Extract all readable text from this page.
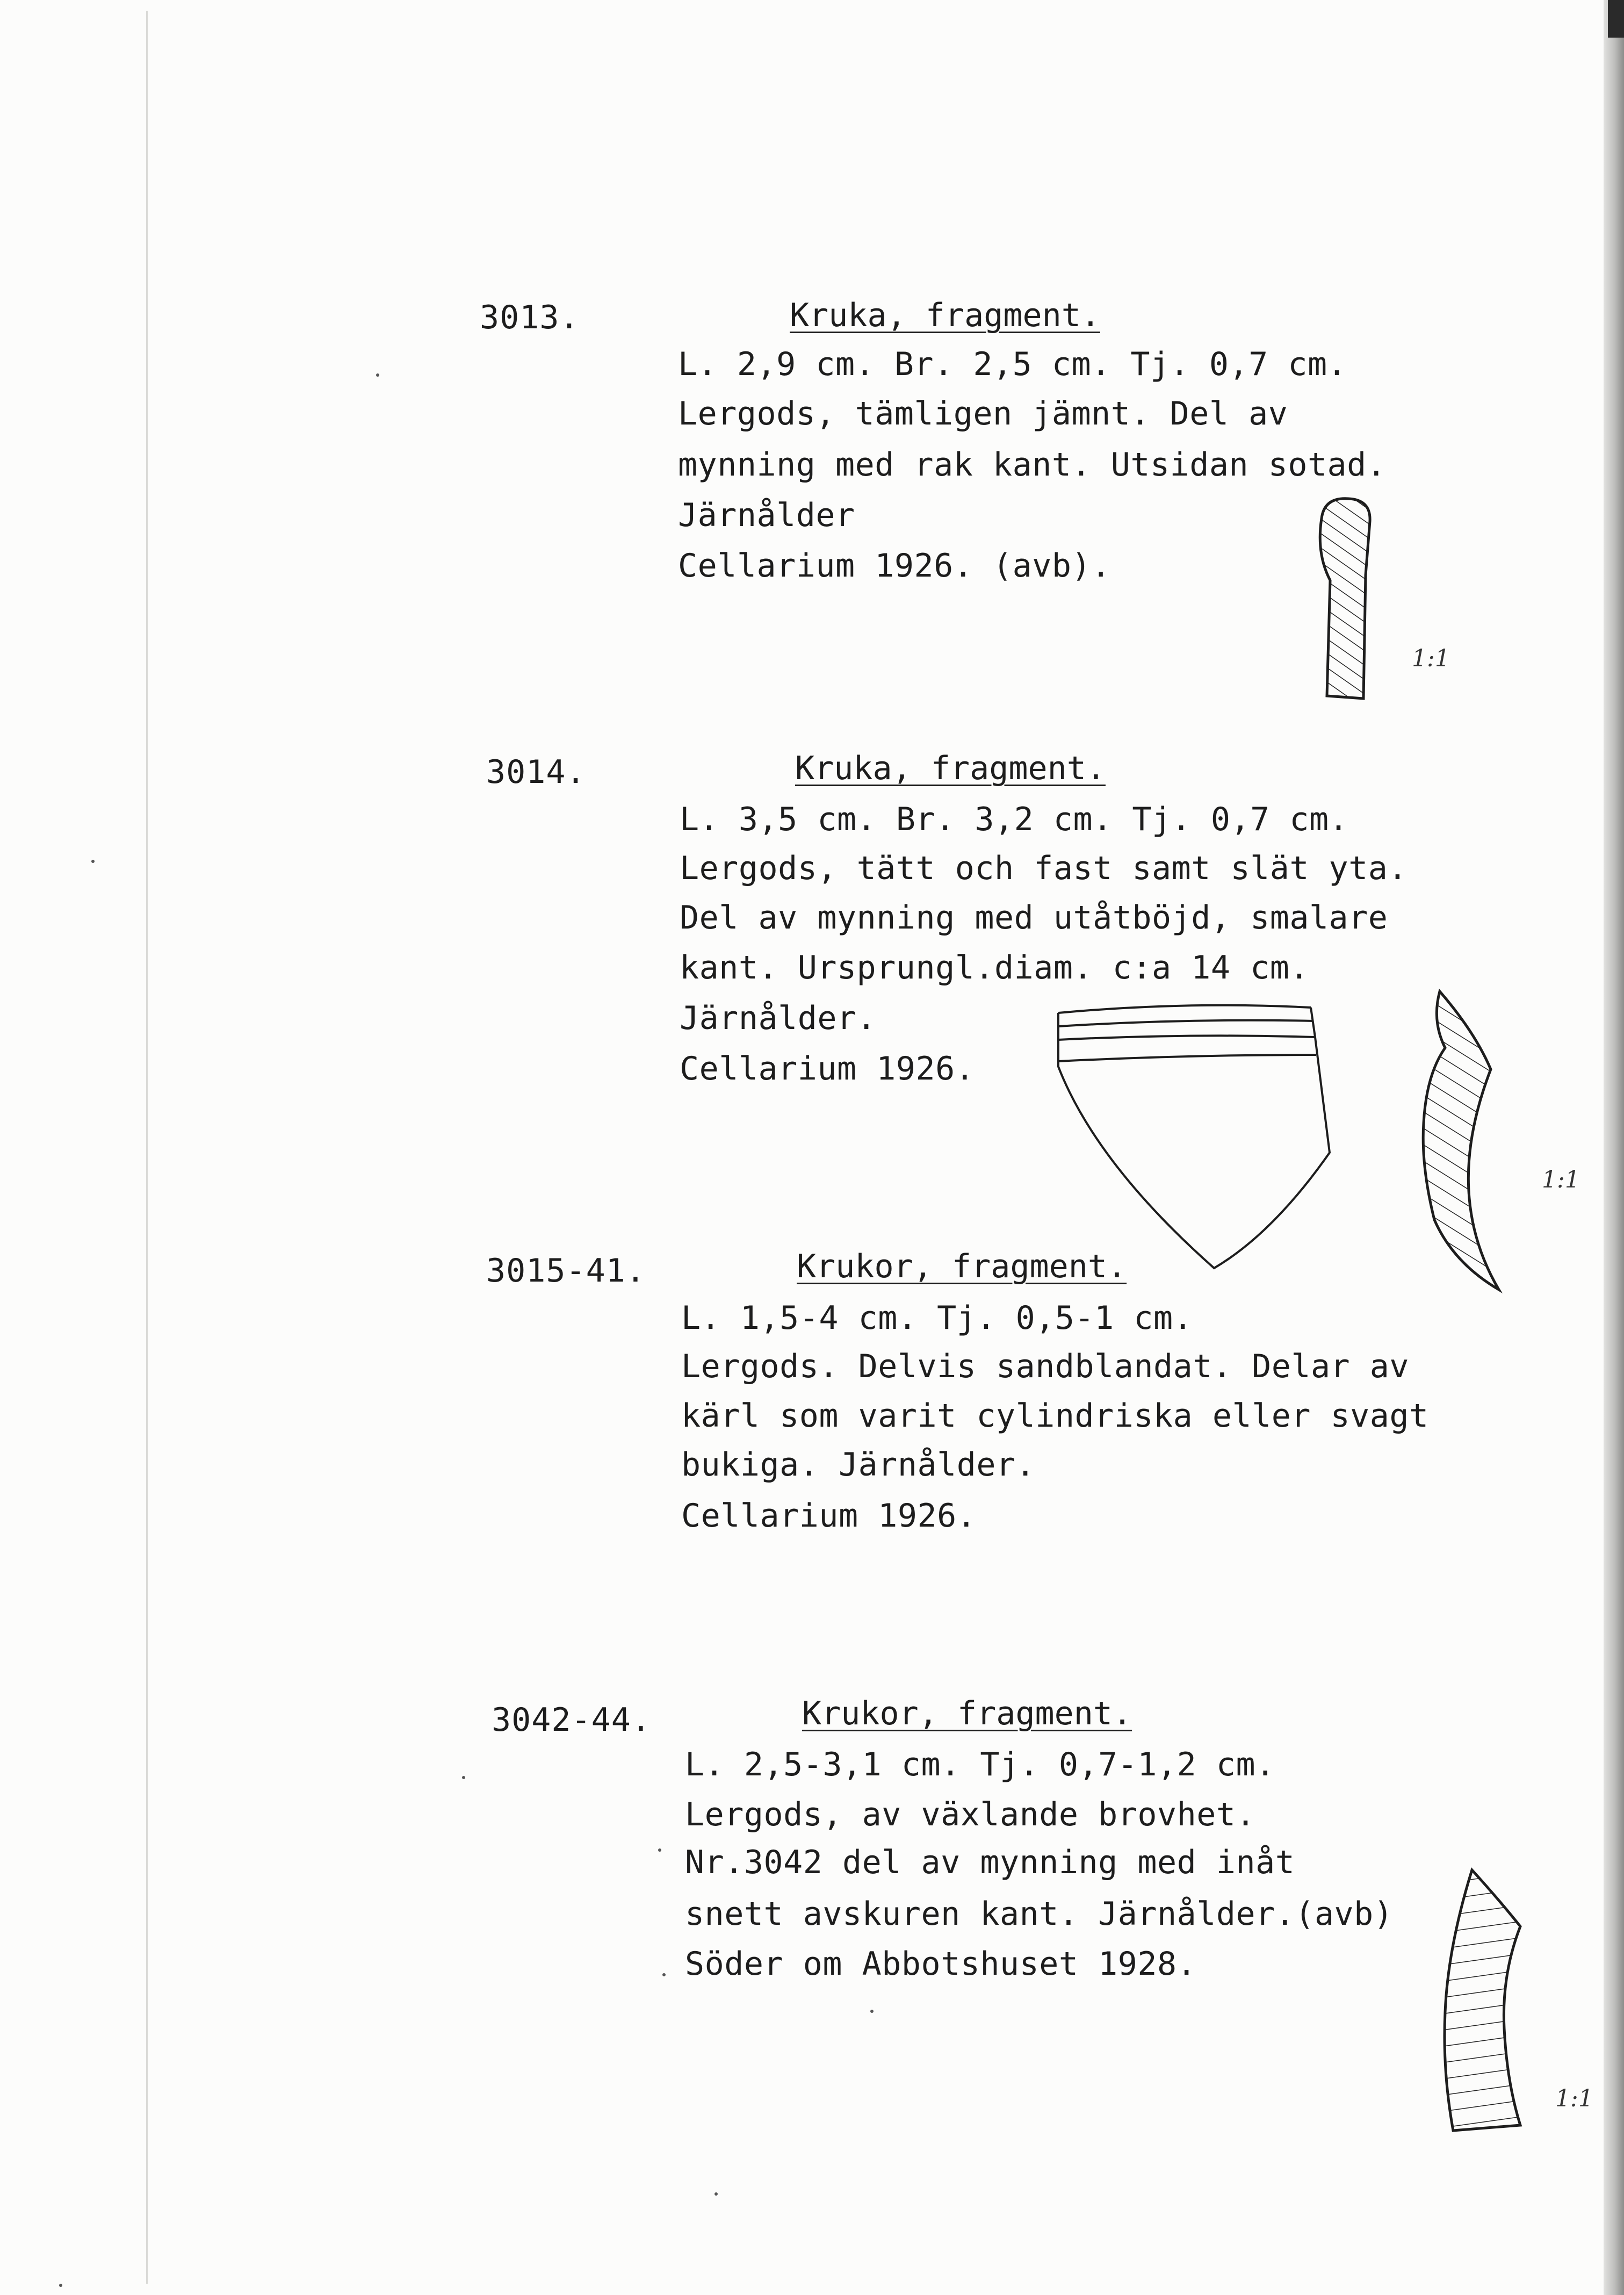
3013.	Kruka, fragment.
L. 2,9 cm. Br. 2,5 cm. Tj. 0,7 cm.
Lergods, tämligen jämnt. Del av
mynning med rak kant. Utsidan sotad.
Järnålder
Cellarium 1926. (avb).
1:1
3014.	Kruka, fragment.
L. 3,5 cm. Br. 3,2 cm. Tj. 0,7 cm.
Lergods, tätt och fast samt slät yta.
Del av mynning med utåtböjd, smalare
kant. Ursprungl.diam. c:a 14 cm.
Järnålder.
Cellarium 1926.
1:1
3015-41.	Krukor, fragment.
L. 1,5-4 cm. Tj. 0,5-1 cm.
Lergods. Delvis sandblandat. Delar av
kärl som varit cylindriska eller svagt
bukiga. Järnålder.
Cellarium 1926.
3042-44.	Krukor, fragment.
L. 2,5-3,1 cm. Tj. 0,7-1,2 cm.
Lergods, av växlande brovhet.
Nr.3042 del av mynning med inåt
snett avskuren kant. Järnålder.(avb)
Söder om Abbotshuset 1928.
1:1
